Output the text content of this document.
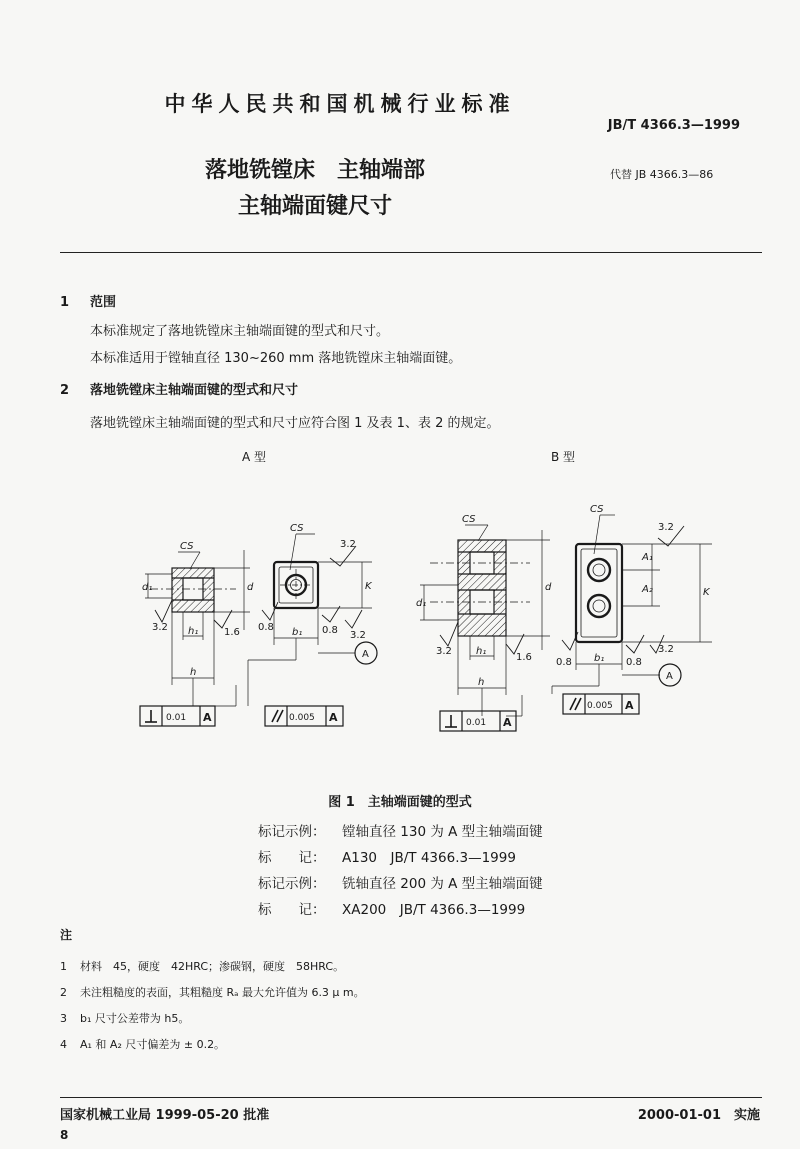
中华人民共和国机械行业标准
JB/T 4366.3—1999
落地铣镗床　主轴端部
主轴端面键尺寸
代替 JB 4366.3—86
1 范围
本标准规定了落地铣镗床主轴端面键的型式和尺寸。
本标准适用于镗轴直径 130~260 mm 落地铣镗床主轴端面键。
2 落地铣镗床主轴端面键的型式和尺寸
落地铣镗床主轴端面键的型式和尺寸应符合图 1 及表 1、表 2 的规定。
A 型	B 型
CS
d₁	d
h₁
h
3.2	1.6
CS
K
b₁
3.2
0.8	0.8 3.2
A
CS
d₁
d
h₁
h
3.2
1.6
CS
A₁
A₂	K
b₁
3.2
0.8	0.8
3.2
A
0.01 A	0.005 A	0.01 A
0.005 A
图 1　主轴端面键的型式
标记示例： 镗轴直径 130 为 A 型主轴端面键
标　　记： A130　JB/T 4366.3—1999
标记示例： 铣轴直径 200 为 A 型主轴端面键
标　　记： XA200　JB/T 4366.3—1999
注
1 材料　45，硬度　42HRC；渗碳钢，硬度　58HRC。
2 未注粗糙度的表面，其粗糙度 Rₐ 最大允许值为 6.3 μ m。
3 b₁ 尺寸公差带为 h5。
4 A₁ 和 A₂ 尺寸偏差为 ± 0.2。
国家机械工业局 1999-05-20 批准	2000-01-01　实施
8
